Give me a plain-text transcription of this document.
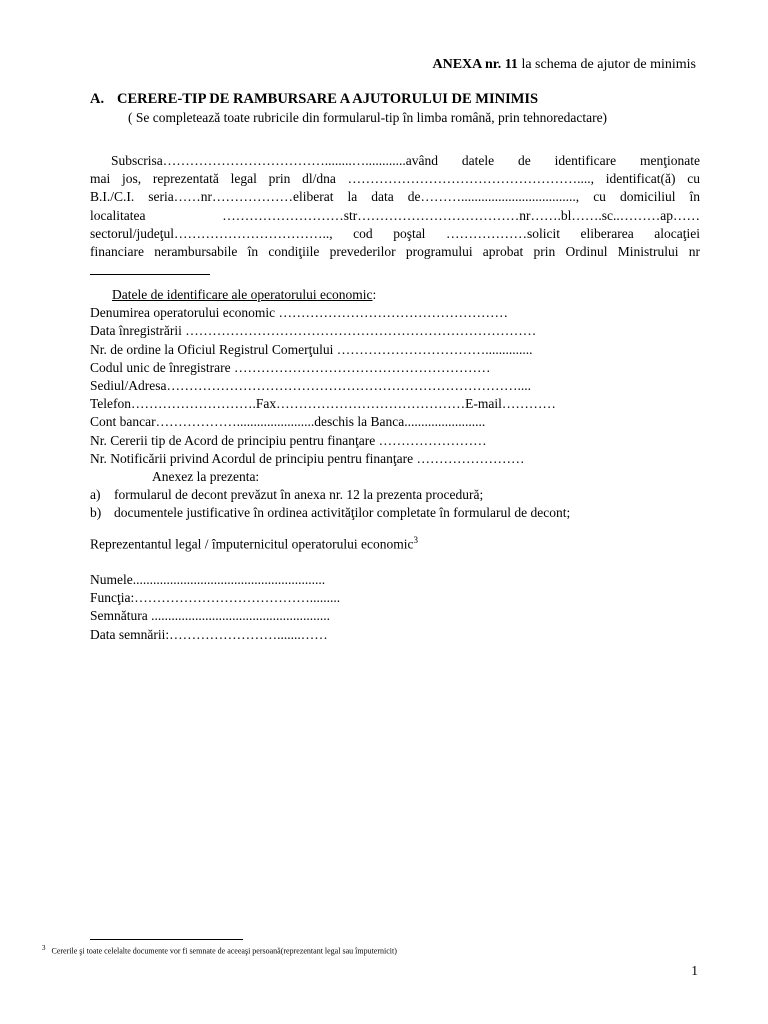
ANEXA nr. 11 la schema de ajutor de minimis
A. CERERE-TIP DE RAMBURSARE A AJUTORULUI DE MINIMIS
( Se completează toate rubricile din formularul-tip în limba română, prin tehnoredactare)
Subscrisa………………………………........…............având datele de identificare menţionate
mai jos, reprezentată legal prin dl/dna ……………………………………………...., identificat(ă) cu
B.I./C.I. seria……nr………………eliberat la data de……….................................., cu domiciliul în
localitatea ………………………str………………………………nr…….bl…….sc..………ap……
sectorul/judeţul…………………………….., cod poştal ………………solicit eliberarea alocaţiei
financiare nerambursabile în condiţiile prevederilor programului aprobat prin Ordinul Ministrului nr
Datele de identificare ale operatorului economic:
Denumirea operatorului economic ……………………………………………
Data înregistrării ……………………………………………………………………
Nr. de ordine la Oficiul Registrul Comerţului ……………………………..............
Codul unic de înregistrare …………………………………………………
Sediul/Adresa……………………………………………………………………....
Telefon……………………….Fax……………………………………E-mail…………
Cont bancar……………….......................deschis la Banca........................
Nr. Cererii tip de Acord de principiu pentru finanţare ……………………
Nr. Notificării privind Acordul de principiu pentru finanţare ……………………
Anexez la prezenta:
a)	formularul de decont prevăzut în anexa nr. 12 la prezenta procedură;
b) documentele justificative în ordinea activităţilor completate în formularul de decont;
Reprezentantul legal / împuternicitul operatorului economic$^3$
Numele.........................................................
Funcţia:………………………………….........
Semnătura .....................................................
Data semnării:…………………….......……
$^3$ Cererile şi toate celelalte documente vor fi semnate de aceeaşi persoană(reprezentant legal sau împuternicit)
1
